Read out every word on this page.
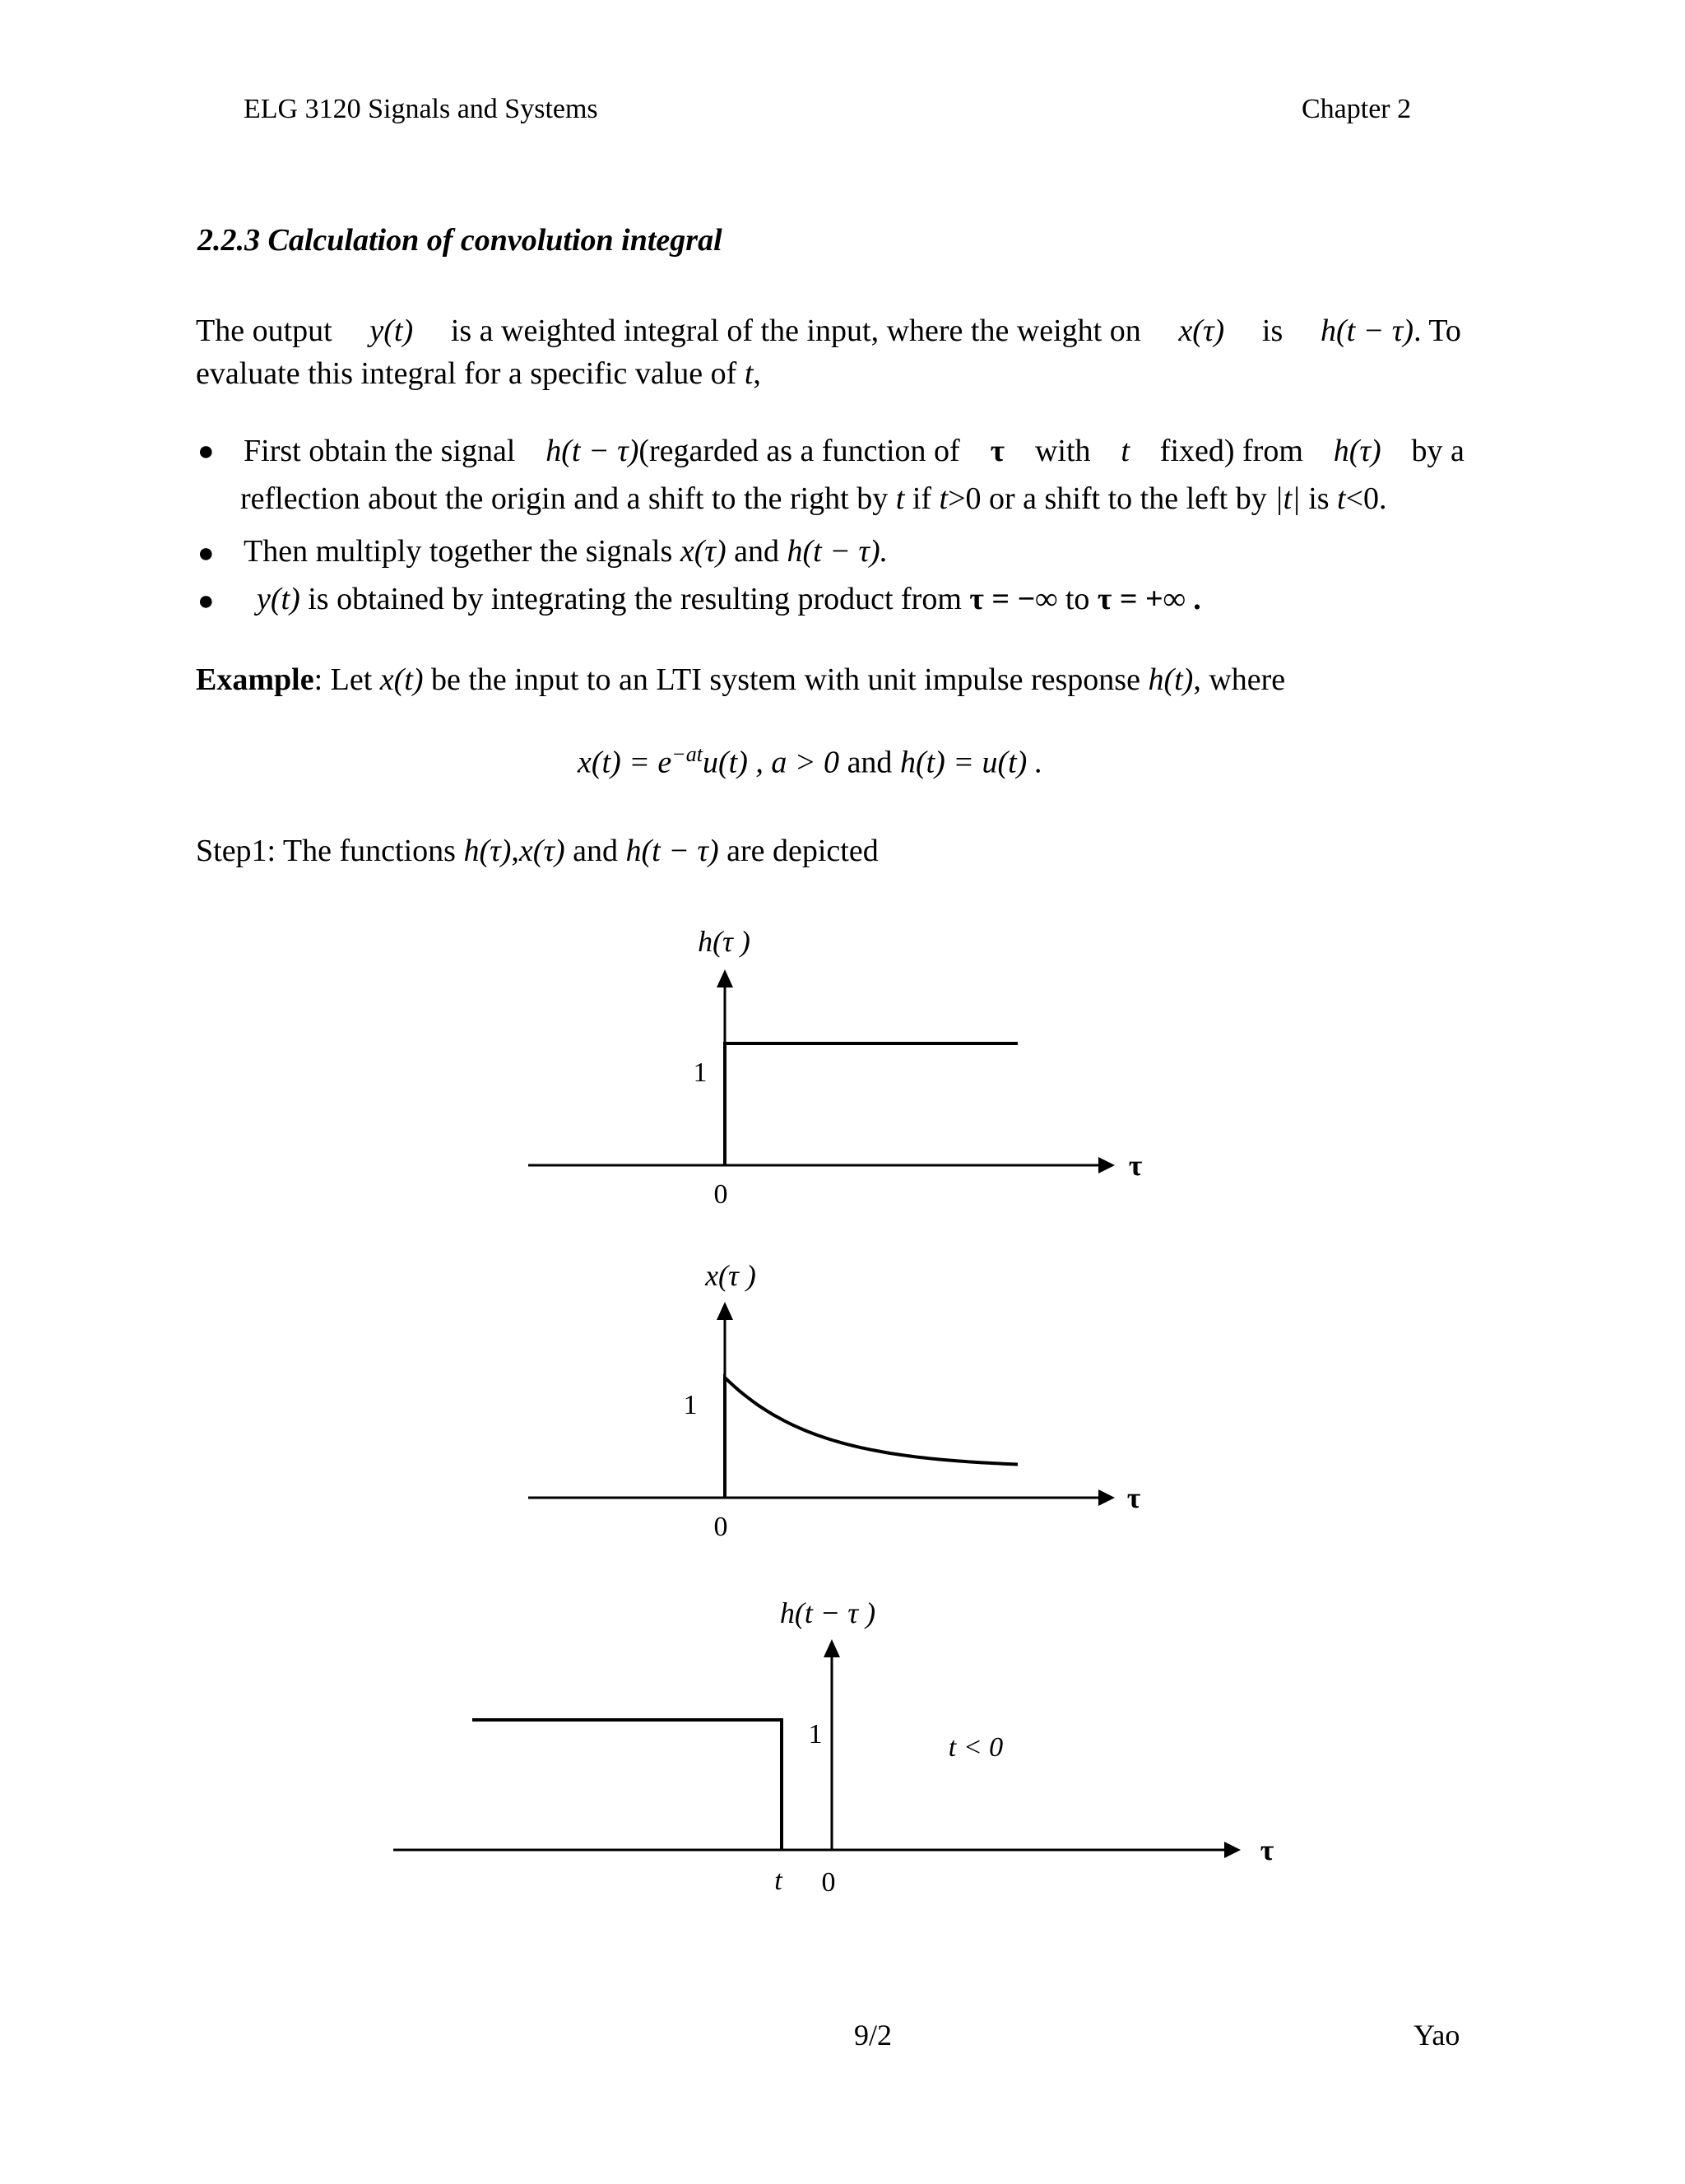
ELG 3120 Signals and Systems	Chapter 2
2.2.3 Calculation of convolution integral
The output y(t) is a weighted integral of the input, where the weight on x(τ) is h(t − τ). To
evaluate this integral for a specific value of t,
● First obtain the signal h(t − τ)(regarded as a function of τ with t fixed) from h(τ) by a
reflection about the origin and a shift to the right by t if t>0 or a shift to the left by |t| is t<0.
● Then multiply together the signals x(τ) and h(t − τ).
● y(t) is obtained by integrating the resulting product from τ = −∞ to τ = +∞ .
Example: Let x(t) be the input to an LTI system with unit impulse response h(t), where
$x(t) = e^{-at}u(t)$ , a > 0 and h(t) = u(t) .
Step1: The functions h(τ),x(τ) and h(t − τ) are depicted
h(τ )
1
0
τ
x(τ )
1
0
τ
h(t − τ )
1
0
t
t < 0
τ
9/2	Yao
